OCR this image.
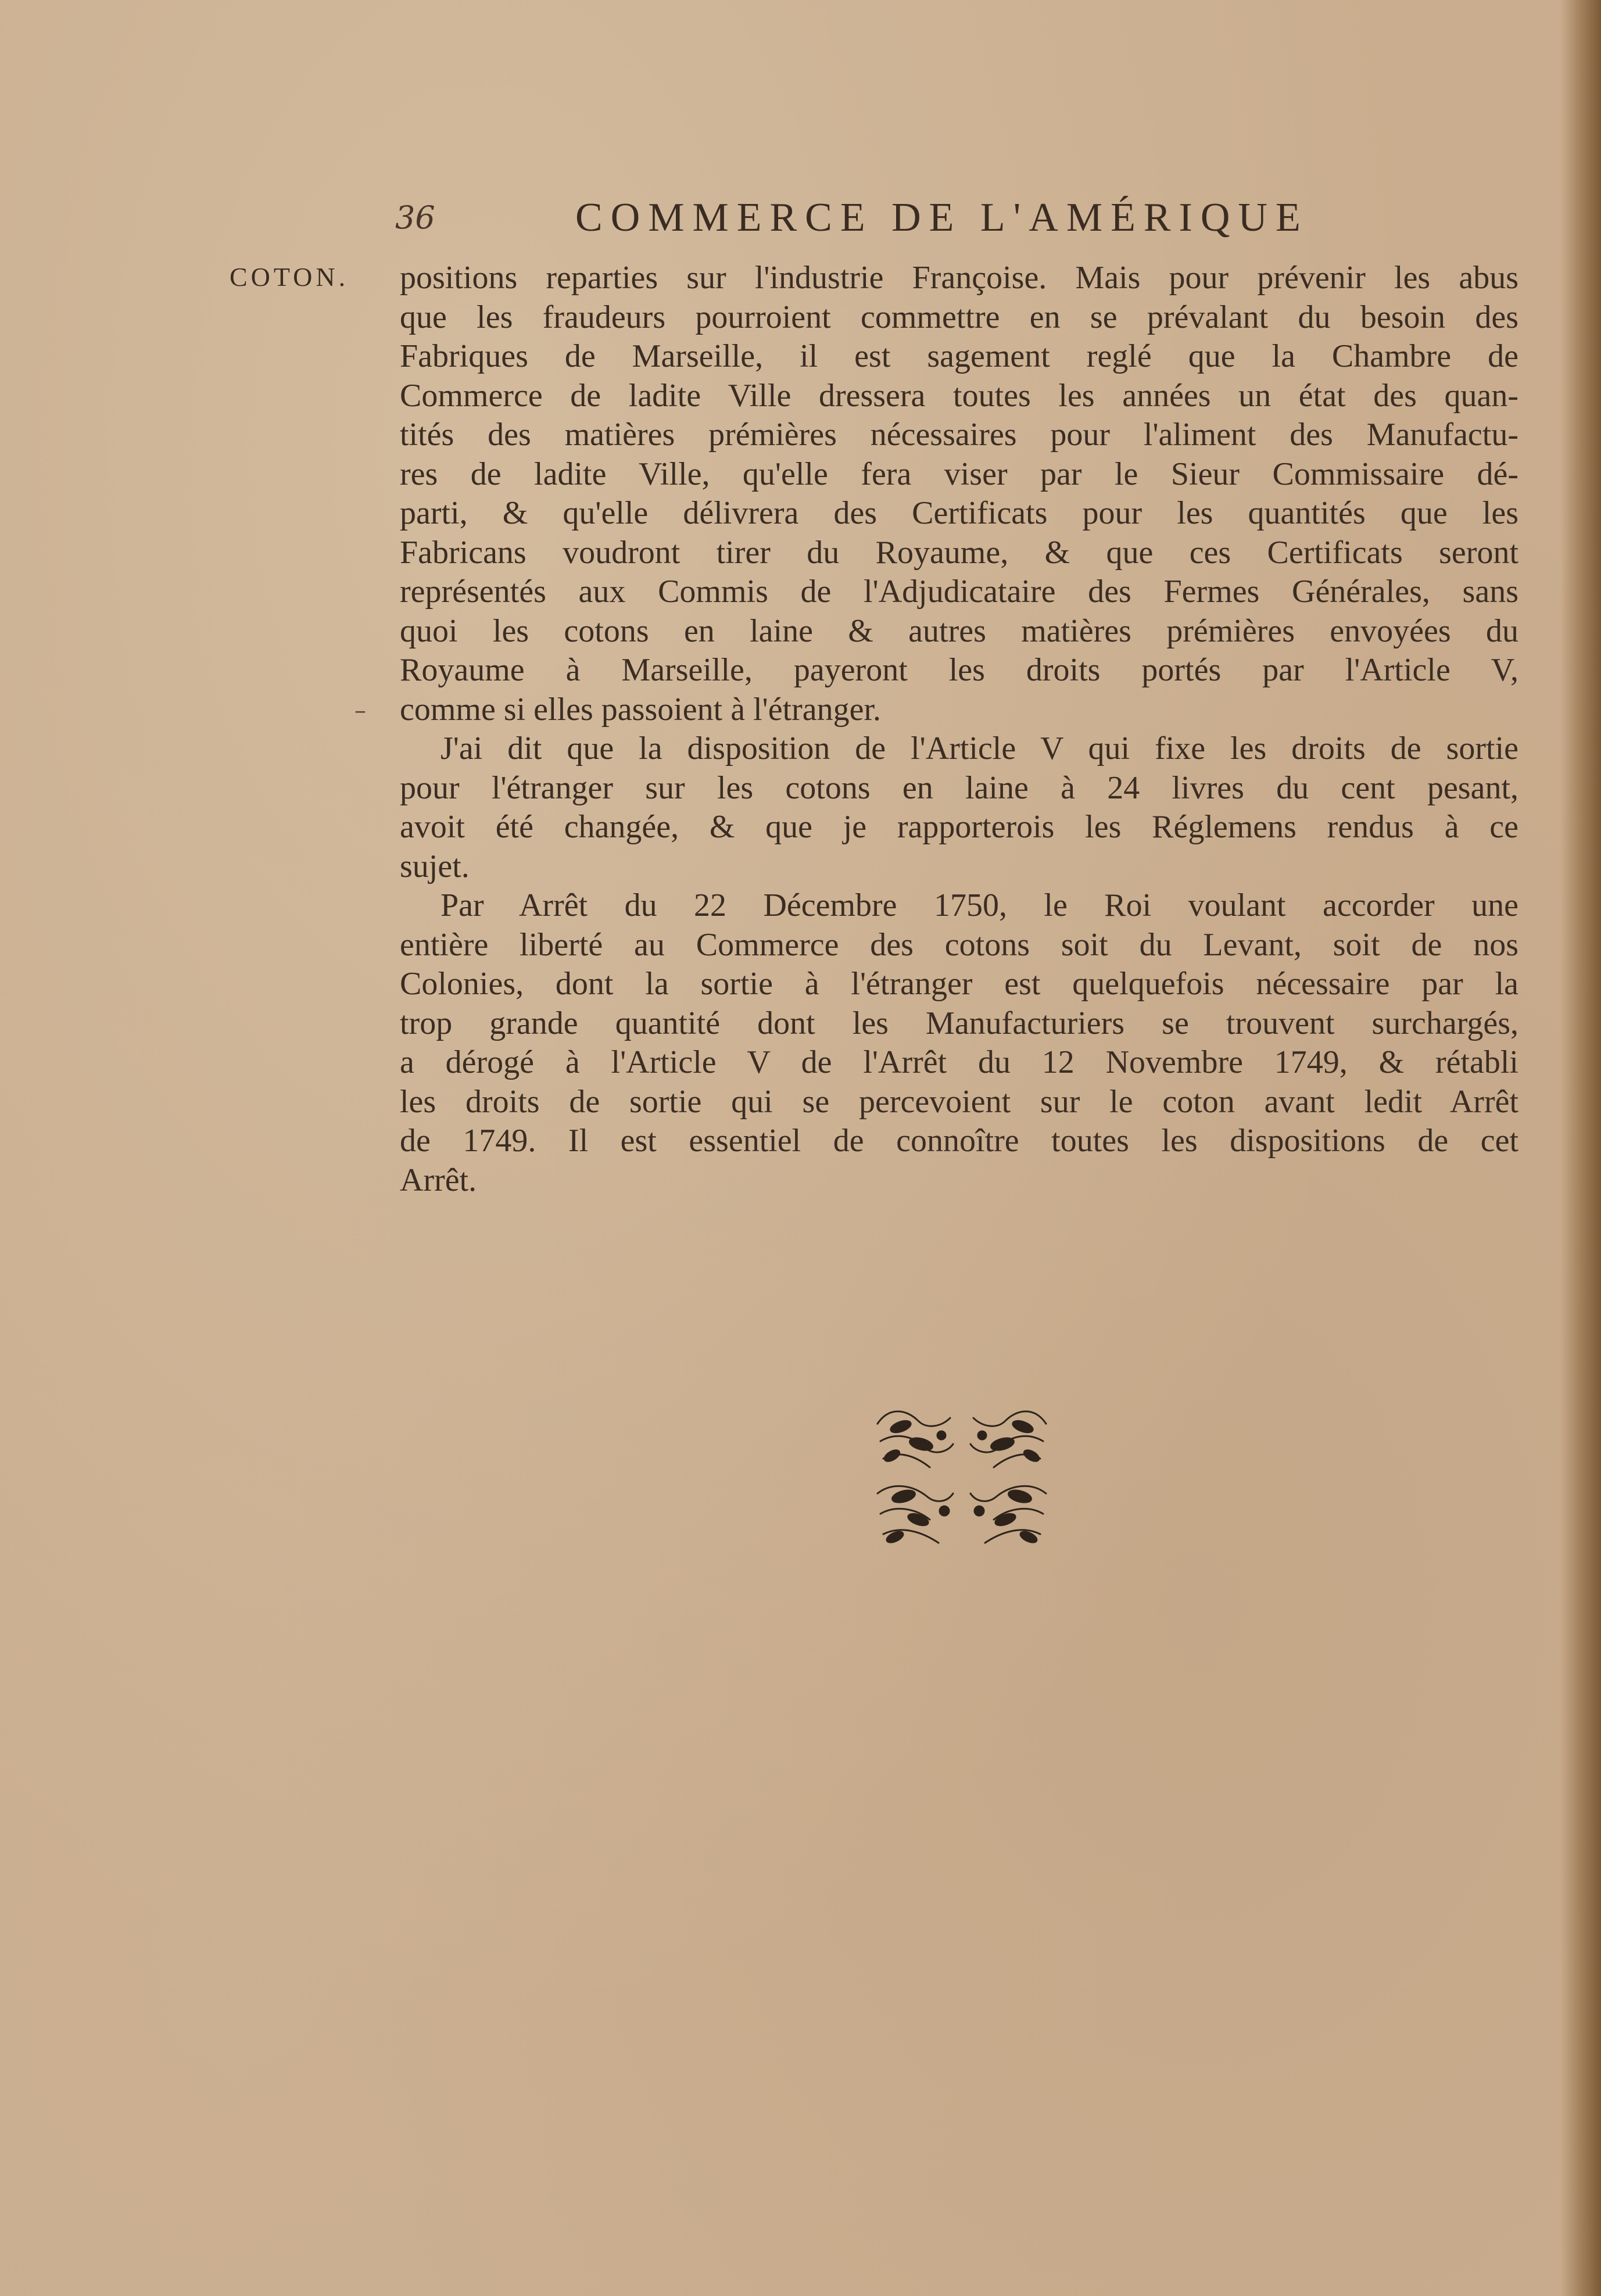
36	COMMERCE DE L'AMÉRIQUE
COTON.
–
positions reparties sur l'industrie Françoise. Mais pour prévenir les abus
que les fraudeurs pourroient commettre en se prévalant du besoin des
Fabriques de Marseille, il est sagement reglé que la Chambre de
Commerce de ladite Ville dressera toutes les années un état des quan-
tités des matières prémières nécessaires pour l'aliment des Manufactu-
res de ladite Ville, qu'elle fera viser par le Sieur Commissaire dé-
parti, & qu'elle délivrera des Certificats pour les quantités que les
Fabricans voudront tirer du Royaume, & que ces Certificats seront
représentés aux Commis de l'Adjudicataire des Fermes Générales, sans
quoi les cotons en laine & autres matières prémières envoyées du
Royaume à Marseille, payeront les droits portés par l'Article V,
comme si elles passoient à l'étranger.
J'ai dit que la disposition de l'Article V qui fixe les droits de sortie
pour l'étranger sur les cotons en laine à 24 livres du cent pesant,
avoit été changée, & que je rapporterois les Réglemens rendus à ce
sujet.
Par Arrêt du 22 Décembre 1750, le Roi voulant accorder une
entière liberté au Commerce des cotons soit du Levant, soit de nos
Colonies, dont la sortie à l'étranger est quelquefois nécessaire par la
trop grande quantité dont les Manufacturiers se trouvent surchargés,
a dérogé à l'Article V de l'Arrêt du 12 Novembre 1749, & rétabli
les droits de sortie qui se percevoient sur le coton avant ledit Arrêt
de 1749. Il est essentiel de connoître toutes les dispositions de cet
Arrêt.
